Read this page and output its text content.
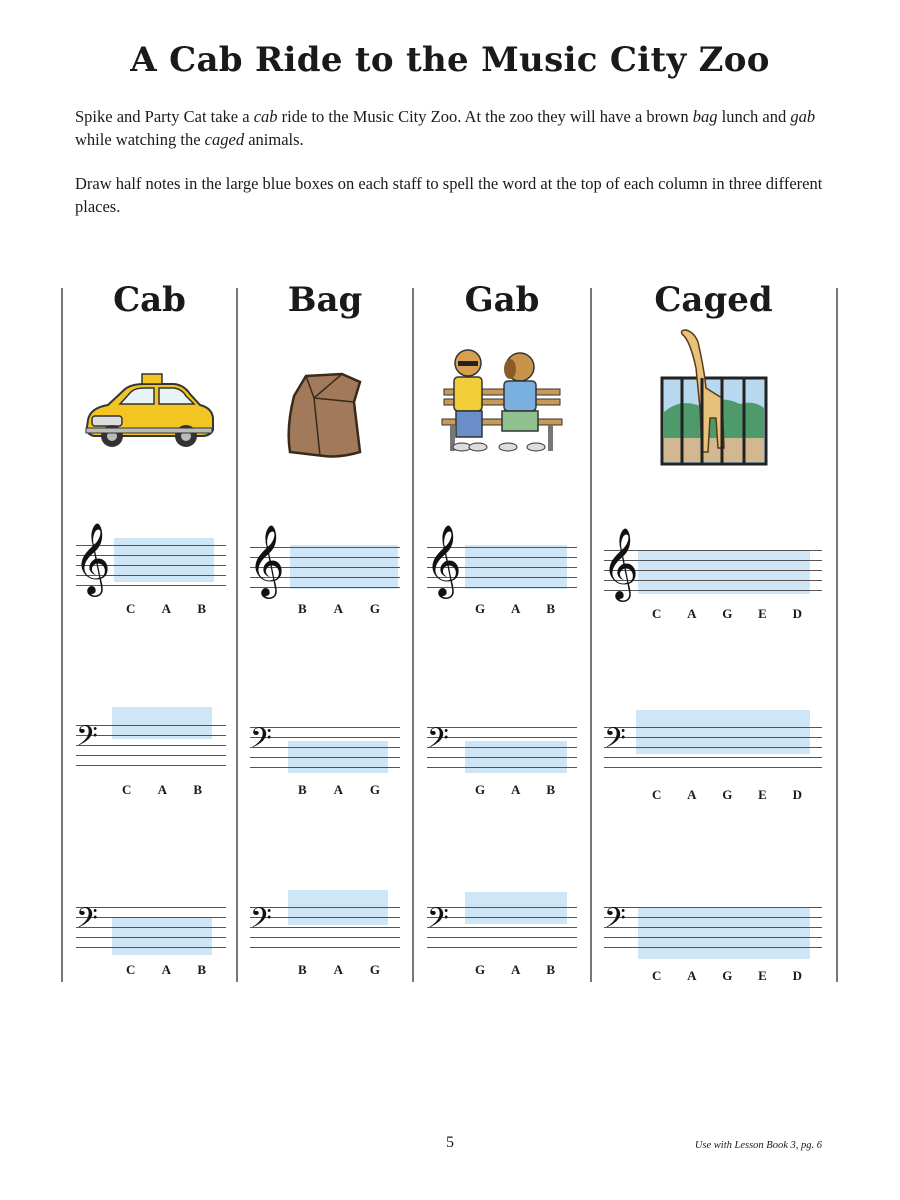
A Cab Ride to the Music City Zoo
Spike and Party Cat take a cab ride to the Music City Zoo. At the zoo they will have a brown bag lunch and gab while watching the caged animals.
Draw half notes in the large blue boxes on each staff to spell the word at the top of each column in three different places.
Cab	Bag	Gab	Caged
𝄞
C A B
𝄞
B A G
𝄞
G A B
𝄞
C A G E D
𝄢
C A B
𝄢
B A G
𝄢
G A B
𝄢
C A G E D
𝄢
C A B
𝄢
B A G
𝄢
G A B
𝄢
C A G E D
5	Use with Lesson Book 3, pg. 6
